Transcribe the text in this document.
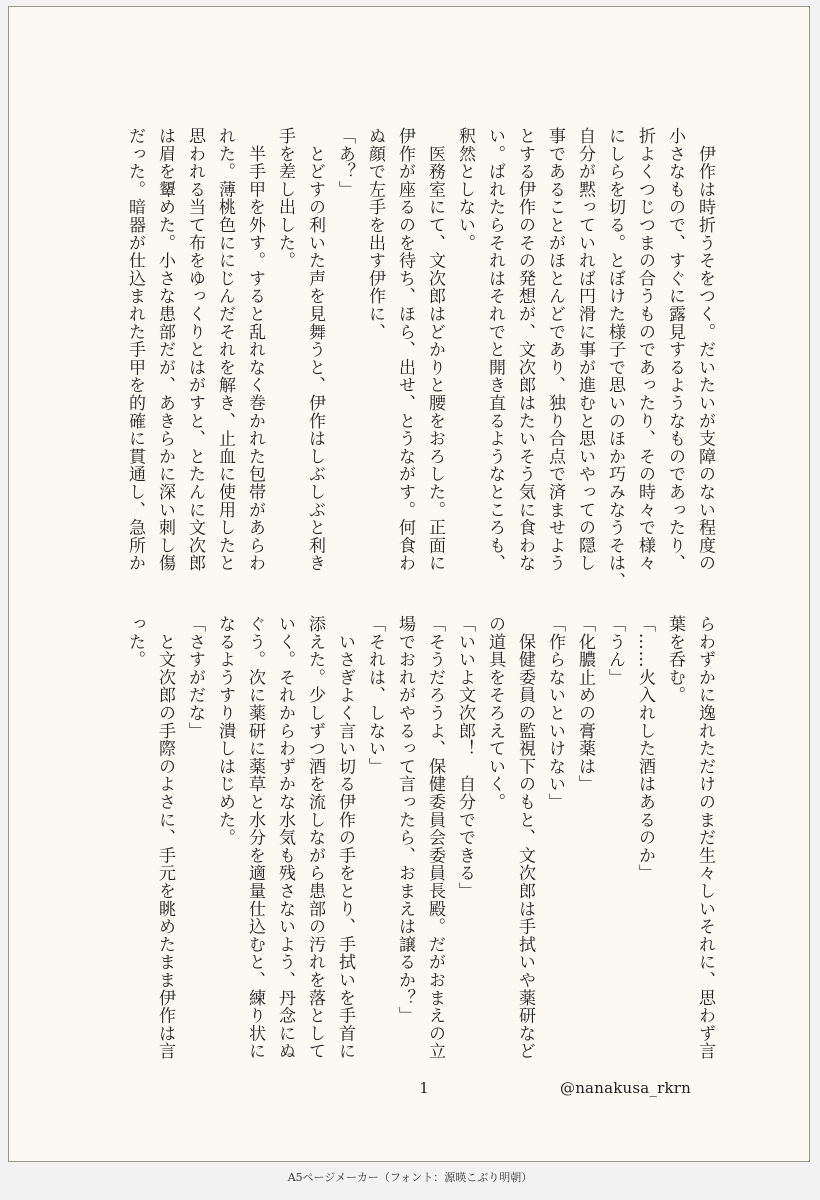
　伊作は時折うそをつく。だいたいが支障のない程度の

小さなもので、すぐに露見するようなものであったり、

折よくつじつまの合うものであったり、その時々で様々

にしらを切る。とぼけた様子で思いのほか巧みなうそは、

自分が黙っていれば円滑に事が進むと思いやっての隠し

事であることがほとんどであり、独り合点で済ませよう

とする伊作のその発想が、文次郎はたいそう気に食わな

い。ばれたらそれはそれでと開き直るようなところも、

釈然としない。

　医務室にて、文次郎はどかりと腰をおろした。正面に

伊作が座るのを待ち、ほら、出せ、とうながす。何食わ

ぬ顔で左手を出す伊作に、

「あ？」

　とどすの利いた声を見舞うと、伊作はしぶしぶと利き

手を差し出した。

　半手甲を外す。すると乱れなく巻かれた包帯があらわ

れた。薄桃色ににじんだそれを解き、止血に使用したと

思われる当て布をゆっくりとはがすと、とたんに文次郎

は眉を顰めた。小さな患部だが、あきらかに深い刺し傷

だった。暗器が仕込まれた手甲を的確に貫通し、急所か

らわずかに逸れただけのまだ生々しいそれに、思わず言

葉を呑む。

「……火入れした酒はあるのか」

「うん」

「化膿止めの膏薬は」

「作らないといけない」

　保健委員の監視下のもと、文次郎は手拭いや薬研など

の道具をそろえていく。

「いいよ文次郎！　自分でできる」

「そうだろうよ、保健委員会委員長殿。だがおまえの立

場でおれがやるって言ったら、おまえは譲るか？」

「それは、しない」

　いさぎよく言い切る伊作の手をとり、手拭いを手首に

添えた。少しずつ酒を流しながら患部の汚れを落として

いく。それからわずかな水気も残さないよう、丹念にぬ

ぐう。次に薬研に薬草と水分を適量仕込むと、練り状に

なるようすり潰しはじめた。

「さすがだな」

　と文次郎の手際のよさに、手元を眺めたまま伊作は言

った。

1	@nanakusa_rkrn
A5ページメーカー（フォント：源暎こぶり明朝）
